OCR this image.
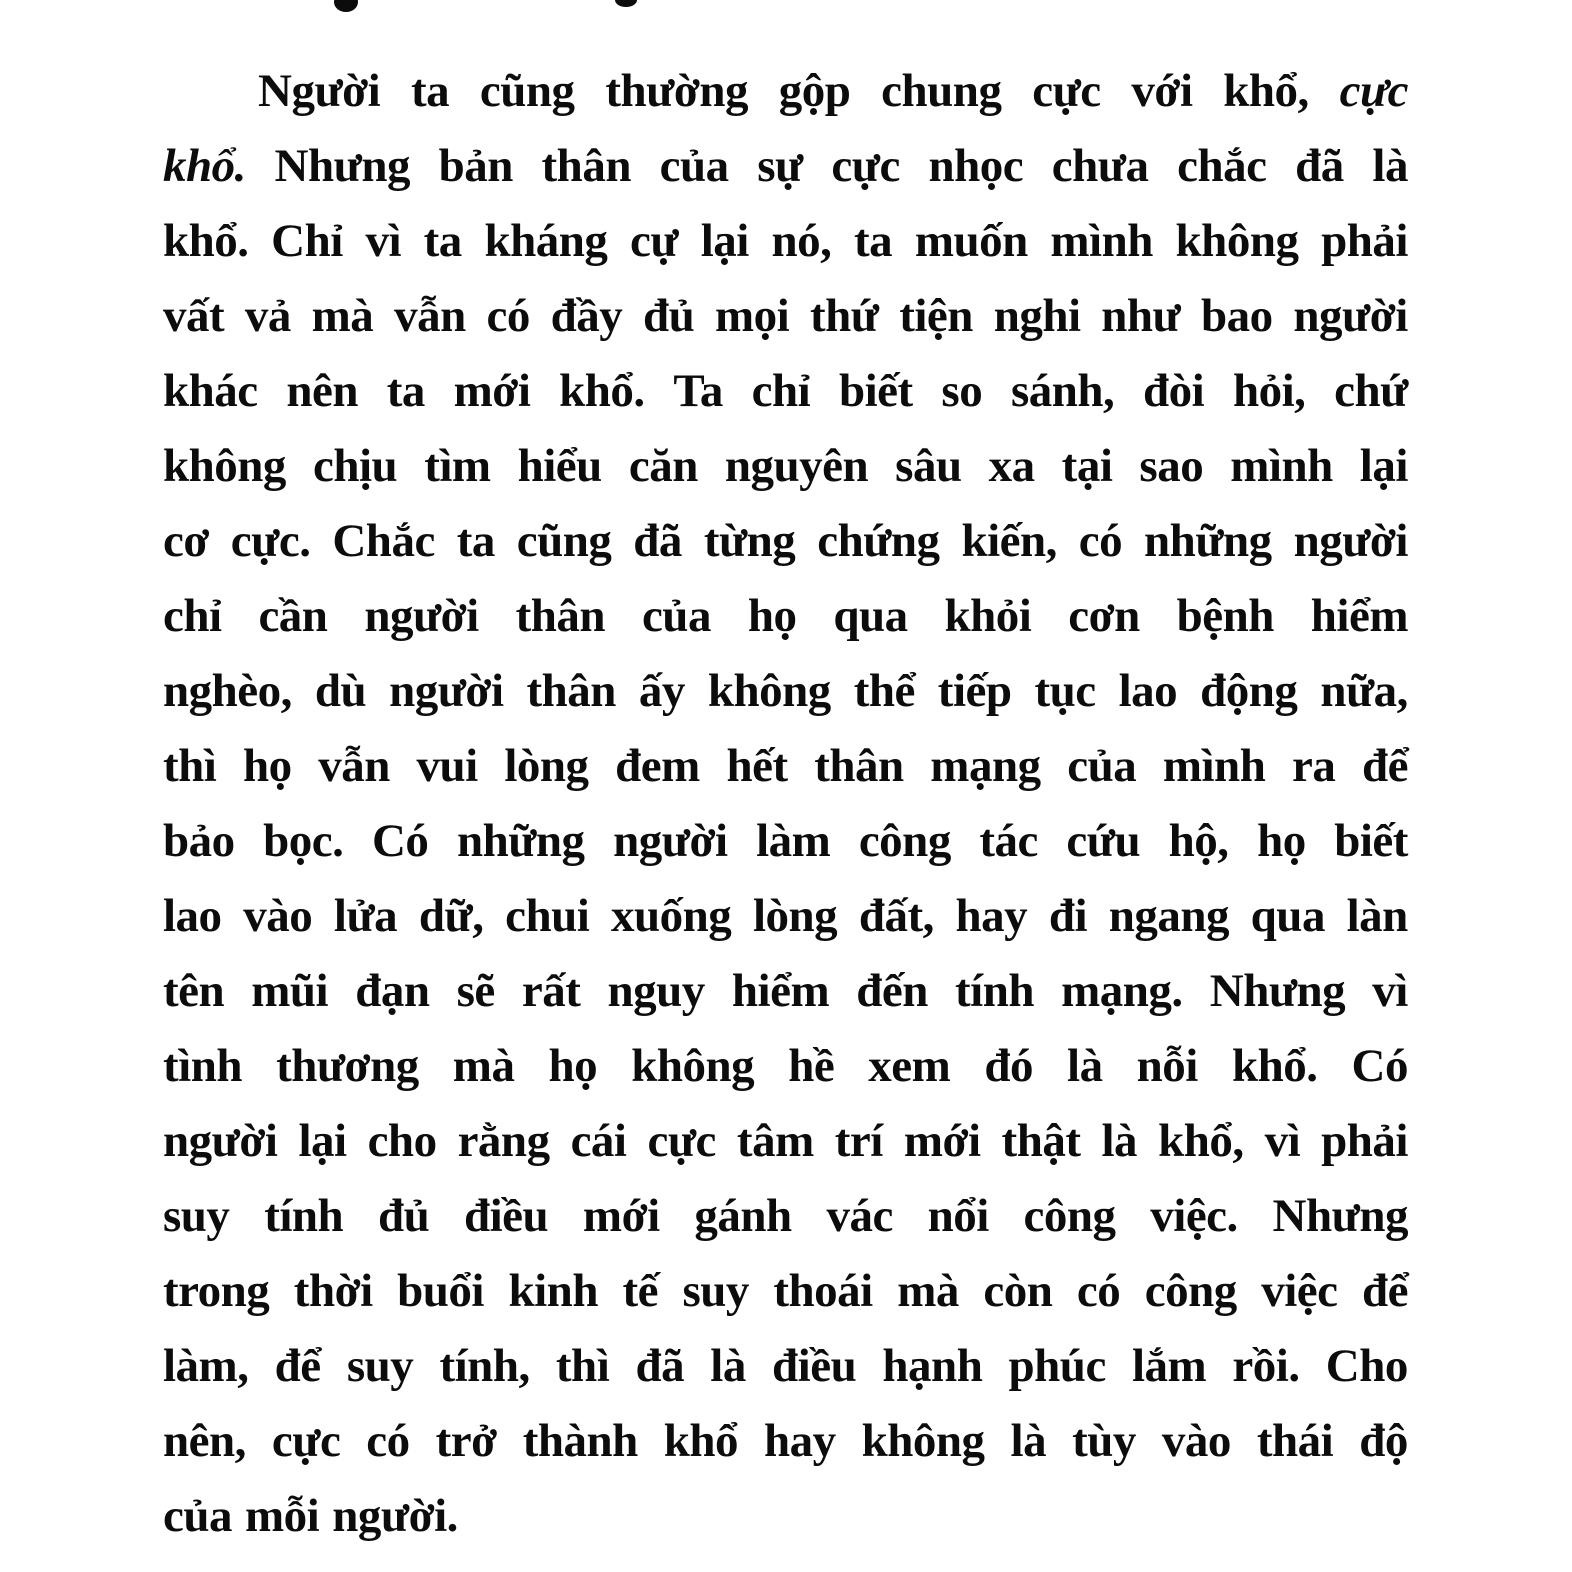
Người ta cũng thường gộp chung cực với khổ, cực
khổ. Nhưng bản thân của sự cực nhọc chưa chắc đã là
khổ. Chỉ vì ta kháng cự lại nó, ta muốn mình không phải
vất vả mà vẫn có đầy đủ mọi thứ tiện nghi như bao người
khác nên ta mới khổ. Ta chỉ biết so sánh, đòi hỏi, chứ
không chịu tìm hiểu căn nguyên sâu xa tại sao mình lại
cơ cực. Chắc ta cũng đã từng chứng kiến, có những người
chỉ cần người thân của họ qua khỏi cơn bệnh hiểm
nghèo, dù người thân ấy không thể tiếp tục lao động nữa,
thì họ vẫn vui lòng đem hết thân mạng của mình ra để
bảo bọc. Có những người làm công tác cứu hộ, họ biết
lao vào lửa dữ, chui xuống lòng đất, hay đi ngang qua làn
tên mũi đạn sẽ rất nguy hiểm đến tính mạng. Nhưng vì
tình thương mà họ không hề xem đó là nỗi khổ. Có
người lại cho rằng cái cực tâm trí mới thật là khổ, vì phải
suy tính đủ điều mới gánh vác nổi công việc. Nhưng
trong thời buổi kinh tế suy thoái mà còn có công việc để
làm, để suy tính, thì đã là điều hạnh phúc lắm rồi. Cho
nên, cực có trở thành khổ hay không là tùy vào thái độ
của mỗi người.
